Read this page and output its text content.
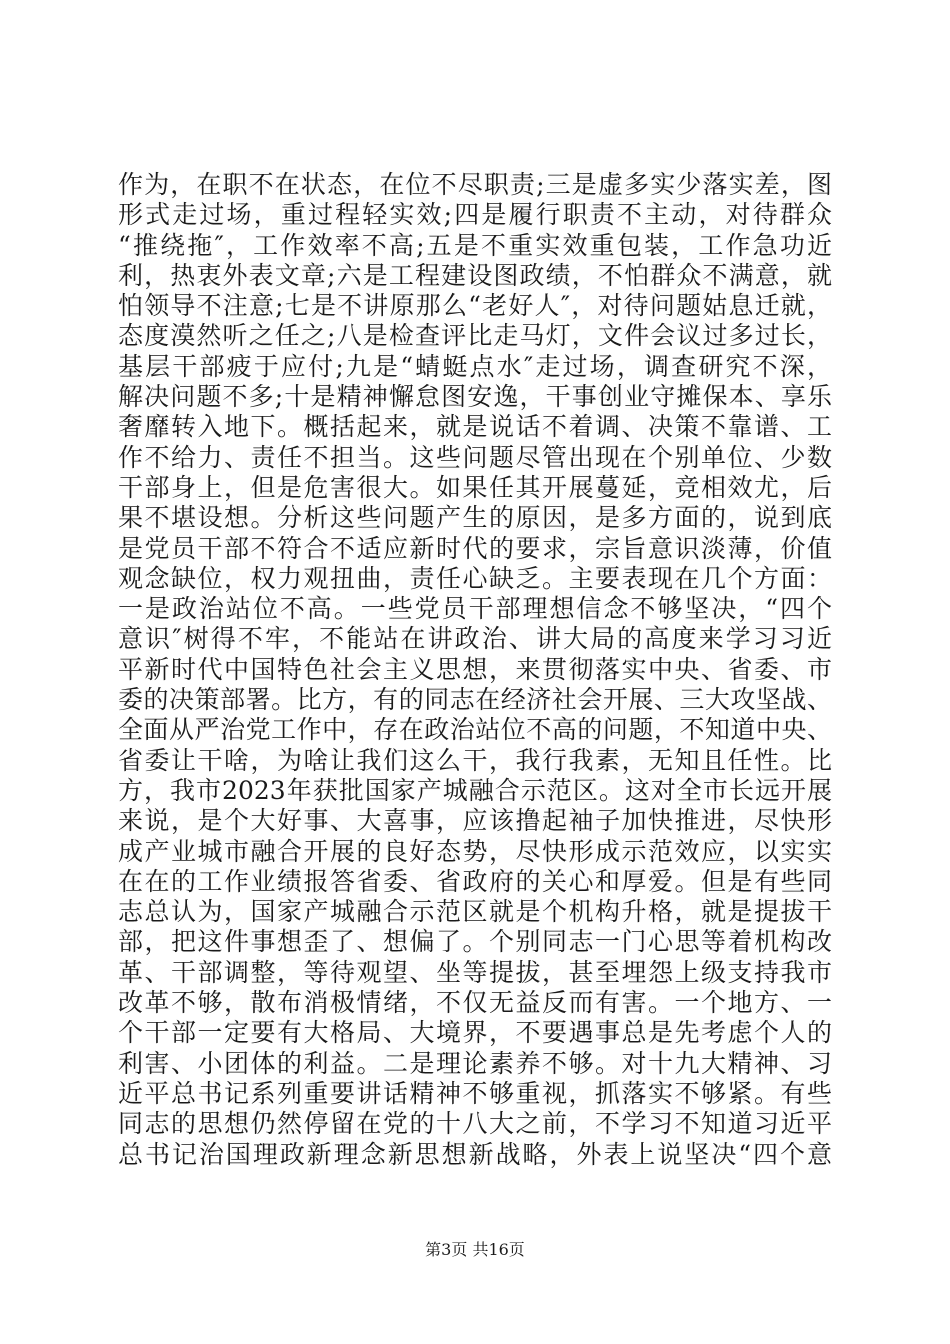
作为，在职不在状态，在位不尽职责;三是虚多实少落实差，图
形式走过场，重过程轻实效;四是履行职责不主动，对待群众
“推绕拖″，工作效率不高;五是不重实效重包装，工作急功近
利，热衷外表文章;六是工程建设图政绩，不怕群众不满意，就
怕领导不注意;七是不讲原那么“老好人″，对待问题姑息迁就，
态度漠然听之任之;八是检查评比走马灯，文件会议过多过长，
基层干部疲于应付;九是“蜻蜓点水″走过场，调查研究不深，
解决问题不多;十是精神懈怠图安逸，干事创业守摊保本、享乐
奢靡转入地下。概括起来，就是说话不着调、决策不靠谱、工
作不给力、责任不担当。这些问题尽管出现在个别单位、少数
干部身上，但是危害很大。如果任其开展蔓延，竞相效尤，后
果不堪设想。分析这些问题产生的原因，是多方面的，说到底
是党员干部不符合不适应新时代的要求，宗旨意识淡薄，价值
观念缺位，权力观扭曲，责任心缺乏。主要表现在几个方面：
一是政治站位不高。一些党员干部理想信念不够坚决，“四个
意识″树得不牢，不能站在讲政治、讲大局的高度来学习习近
平新时代中国特色社会主义思想，来贯彻落实中央、省委、市
委的决策部署。比方，有的同志在经济社会开展、三大攻坚战、
全面从严治党工作中，存在政治站位不高的问题，不知道中央、
省委让干啥，为啥让我们这么干，我行我素，无知且任性。比
方，我市2023年获批国家产城融合示范区。这对全市长远开展
来说，是个大好事、大喜事，应该撸起袖子加快推进，尽快形
成产业城市融合开展的良好态势，尽快形成示范效应，以实实
在在的工作业绩报答省委、省政府的关心和厚爱。但是有些同
志总认为，国家产城融合示范区就是个机构升格，就是提拔干
部，把这件事想歪了、想偏了。个别同志一门心思等着机构改
革、干部调整，等待观望、坐等提拔，甚至埋怨上级支持我市
改革不够，散布消极情绪，不仅无益反而有害。一个地方、一
个干部一定要有大格局、大境界，不要遇事总是先考虑个人的
利害、小团体的利益。二是理论素养不够。对十九大精神、习
近平总书记系列重要讲话精神不够重视，抓落实不够紧。有些
同志的思想仍然停留在党的十八大之前，不学习不知道习近平
总书记治国理政新理念新思想新战略，外表上说坚决“四个意
第3页 共16页
